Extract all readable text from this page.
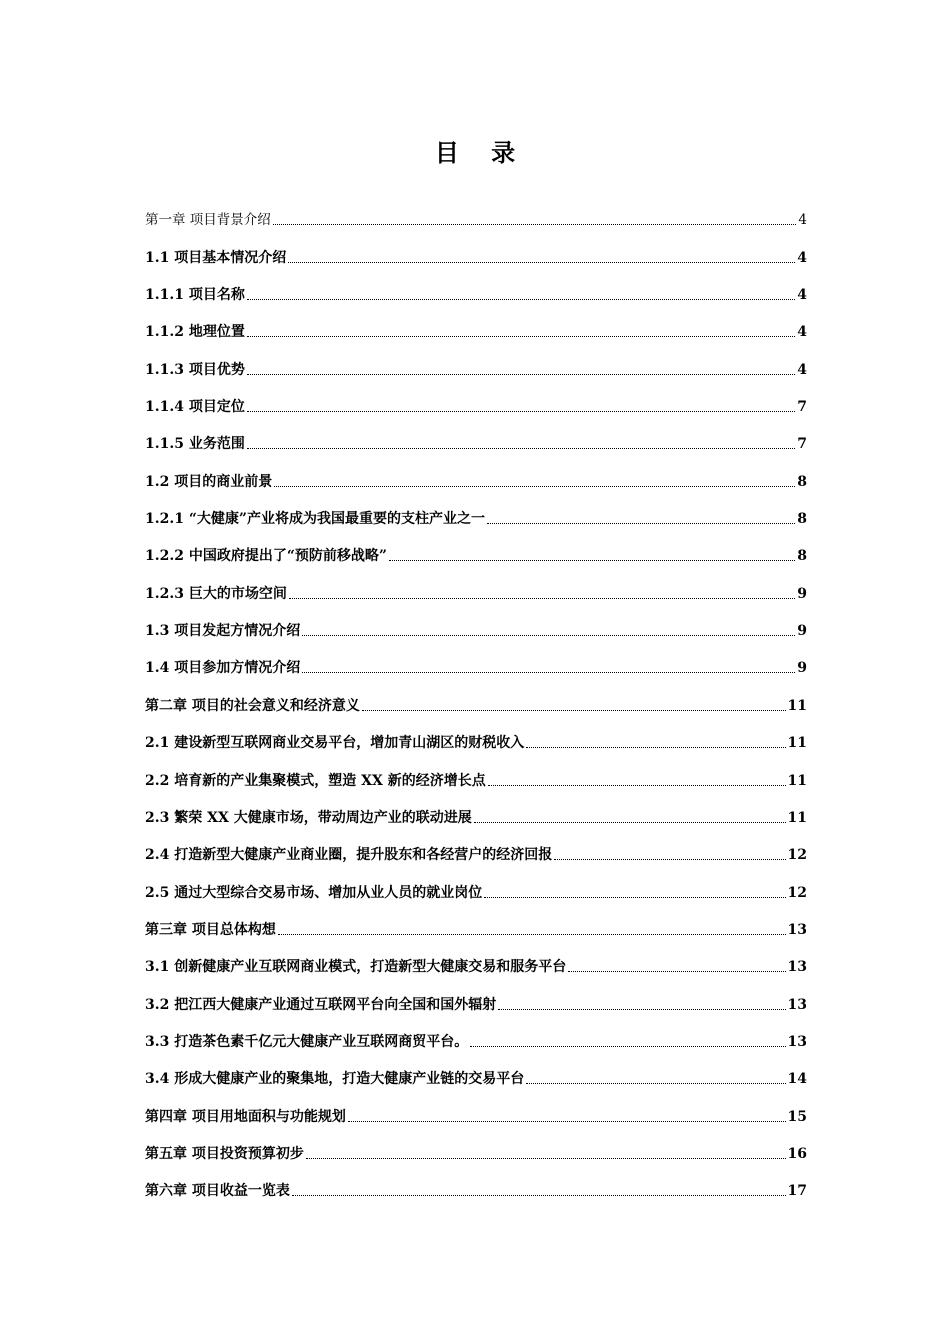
目 录
第一章 项目背景介绍	4
1.1 项目基本情况介绍	4
1.1.1 项目名称	4
1.1.2 地理位置	4
1.1.3 项目优势	4
1.1.4 项目定位	7
1.1.5 业务范围	7
1.2 项目的商业前景	8
1.2.1 “大健康”产业将成为我国最重要的支柱产业之一	8
1.2.2 中国政府提出了“预防前移战略”	8
1.2.3 巨大的市场空间	9
1.3 项目发起方情况介绍	9
1.4 项目参加方情况介绍	9
第二章 项目的社会意义和经济意义	11
2.1 建设新型互联网商业交易平台，增加青山湖区的财税收入	11
2.2 培育新的产业集聚模式，塑造 XX 新的经济增长点	11
2.3 繁荣 XX 大健康市场，带动周边产业的联动进展	11
2.4 打造新型大健康产业商业圈，提升股东和各经营户的经济回报	12
2.5 通过大型综合交易市场、增加从业人员的就业岗位	12
第三章 项目总体构想	13
3.1 创新健康产业互联网商业模式，打造新型大健康交易和服务平台	13
3.2 把江西大健康产业通过互联网平台向全国和国外辐射	13
3.3 打造茶色素千亿元大健康产业互联网商贸平台。	13
3.4 形成大健康产业的聚集地，打造大健康产业链的交易平台	14
第四章 项目用地面积与功能规划	15
第五章 项目投资预算初步	16
第六章 项目收益一览表	17
